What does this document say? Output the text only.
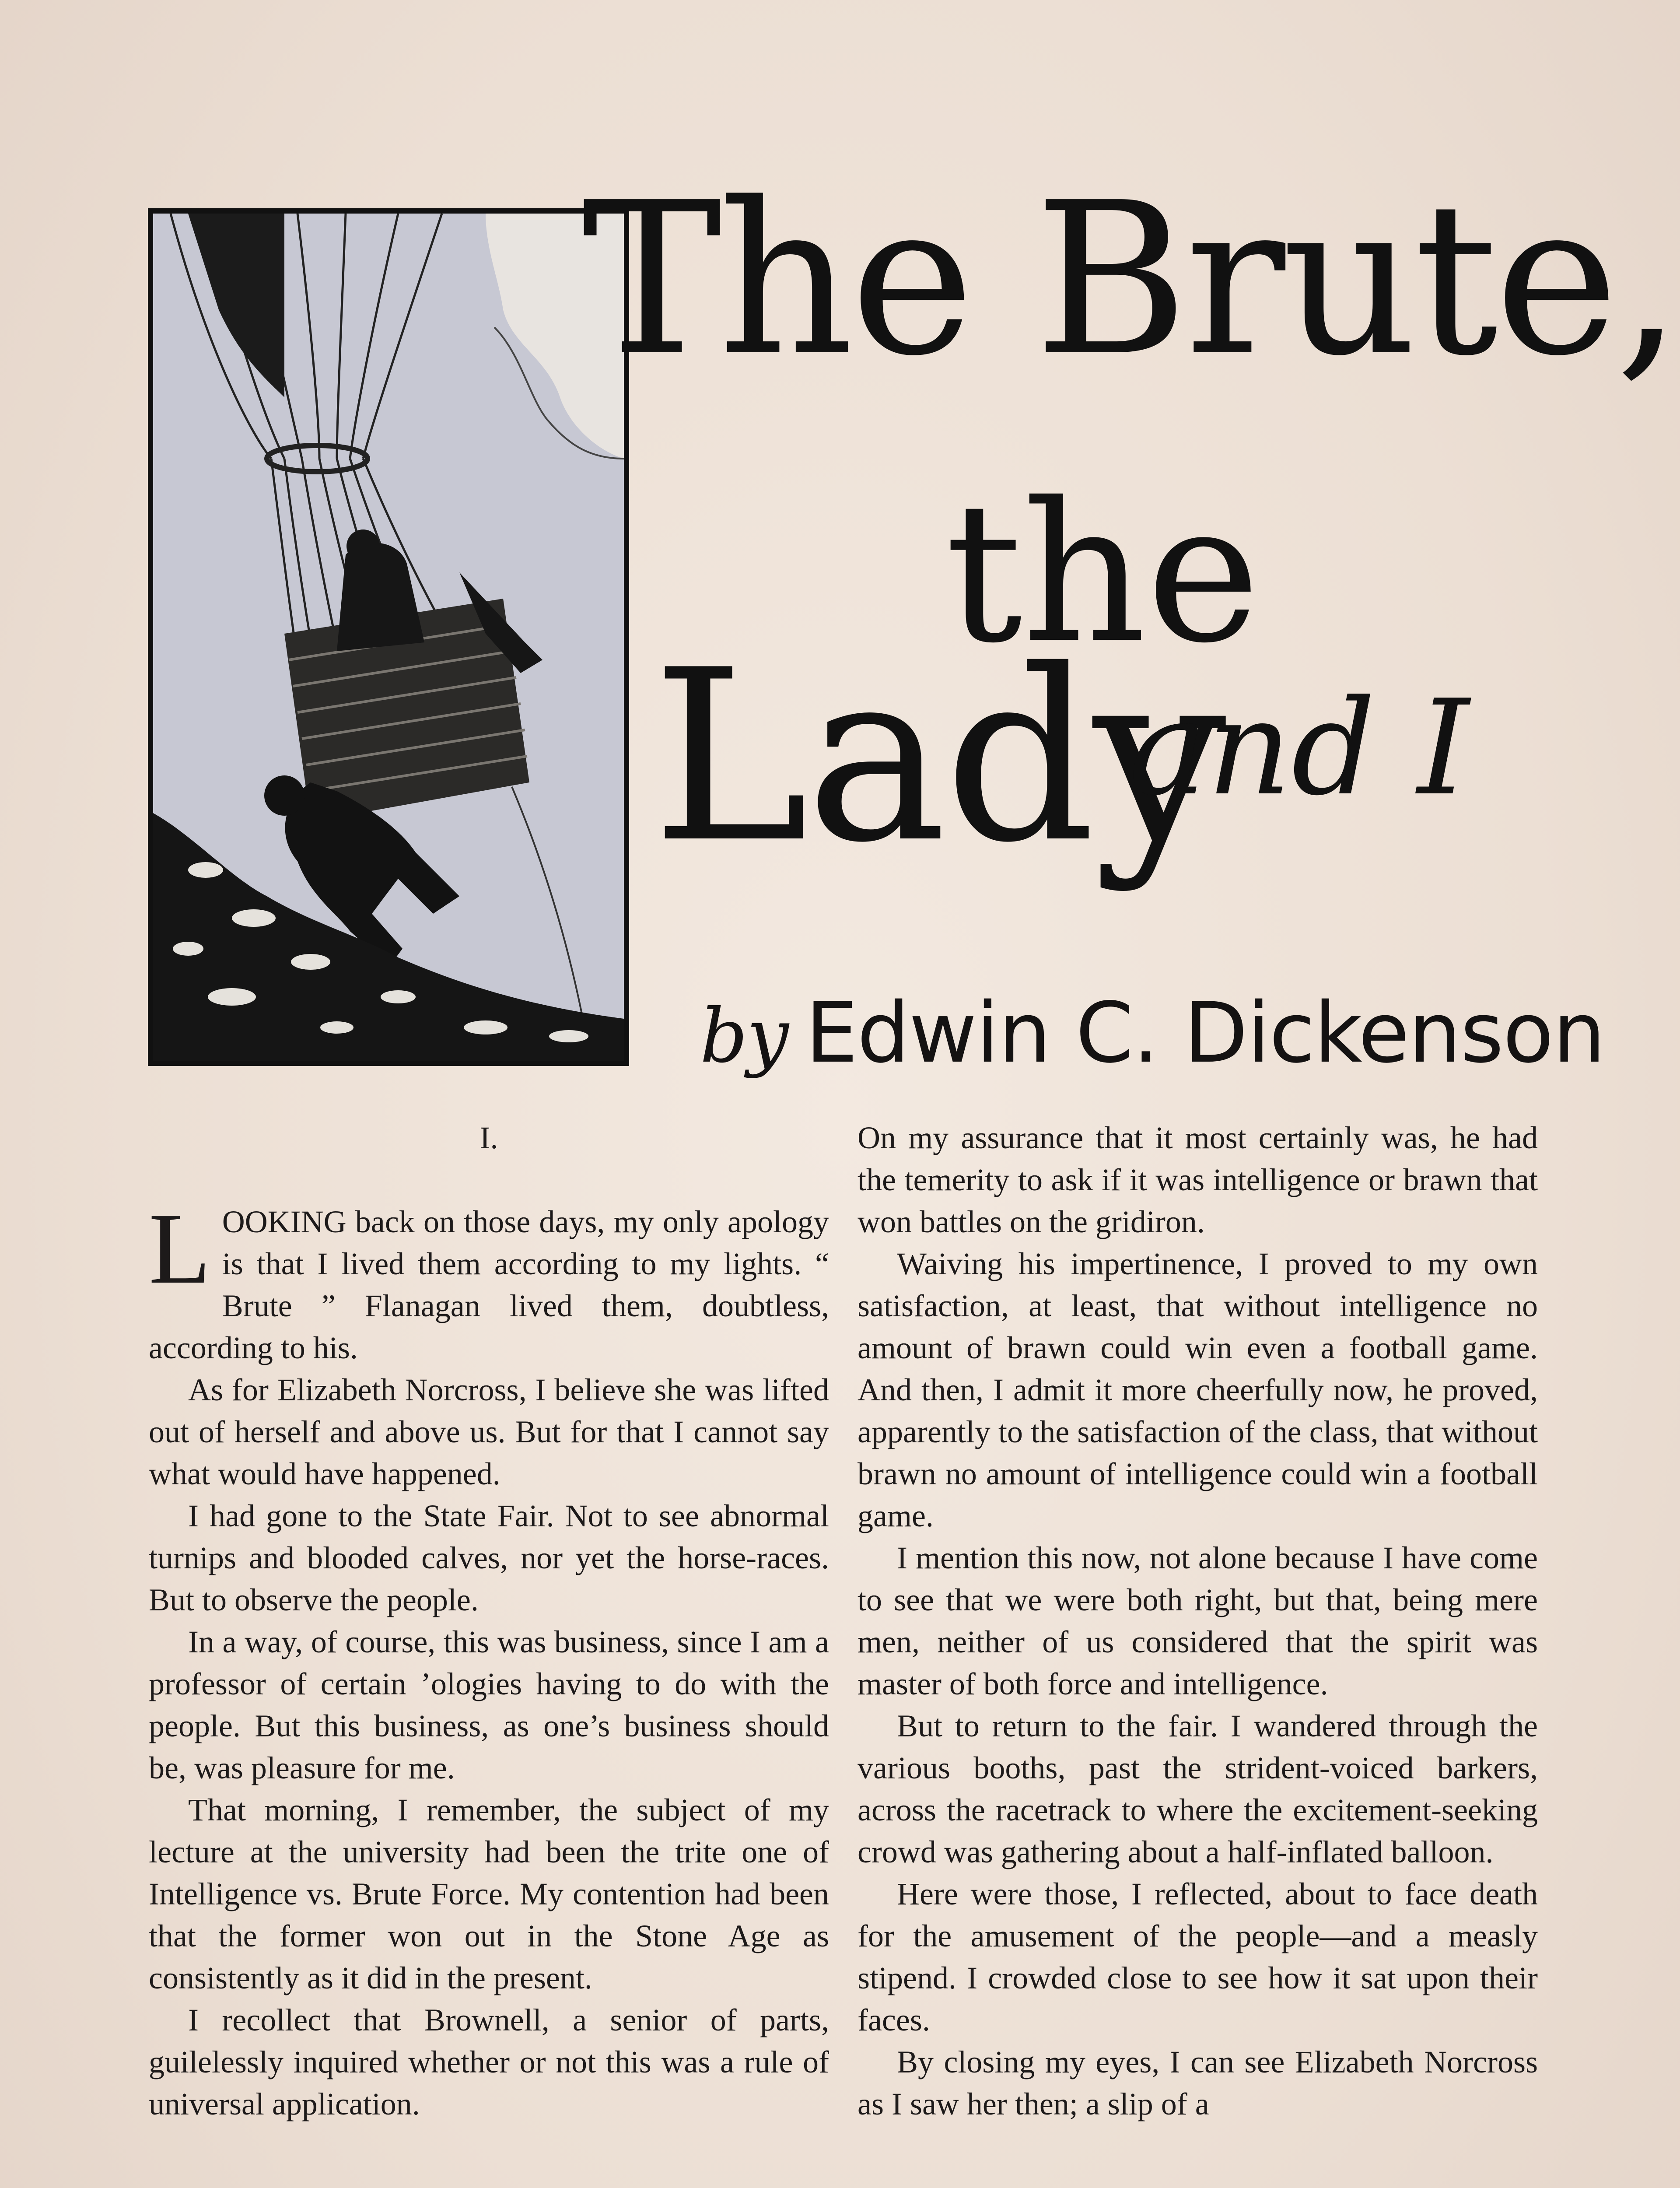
The Brute,
the
Lady
and I
by Edwin C. Dickenson

I.

LOOKING back on those days, my only apology is that I lived them according to my lights. “ Brute ” Flanagan lived them, doubtless, according to his.

As for Elizabeth Norcross, I believe she was lifted out of herself and above us. But for that I cannot say what would have happened.

I had gone to the State Fair. Not to see abnormal turnips and blooded calves, nor yet the horse-races. But to observe the people.

In a way, of course, this was business, since I am a professor of certain ’ologies having to do with the people. But this business, as one’s business should be, was pleasure for me.

That morning, I remember, the subject of my lecture at the university had been the trite one of Intelligence vs. Brute Force. My contention had been that the former won out in the Stone Age as consistently as it did in the present.

I recollect that Brownell, a senior of parts, guilelessly inquired whether or not this was a rule of universal application.

On my assurance that it most certainly was, he had the temerity to ask if it was intelligence or brawn that won battles on the gridiron.

Waiving his impertinence, I proved to my own satisfaction, at least, that without intelligence no amount of brawn could win even a football game. And then, I admit it more cheerfully now, he proved, apparently to the satisfaction of the class, that without brawn no amount of intelligence could win a football game.

I mention this now, not alone because I have come to see that we were both right, but that, being mere men, neither of us considered that the spirit was master of both force and intelligence.

But to return to the fair. I wandered through the various booths, past the strident-voiced barkers, across the racetrack to where the excitement-seeking crowd was gathering about a half-inflated balloon.

Here were those, I reflected, about to face death for the amusement of the people—and a measly stipend. I crowded close to see how it sat upon their faces.

By closing my eyes, I can see Elizabeth Norcross as I saw her then; a slip of a
